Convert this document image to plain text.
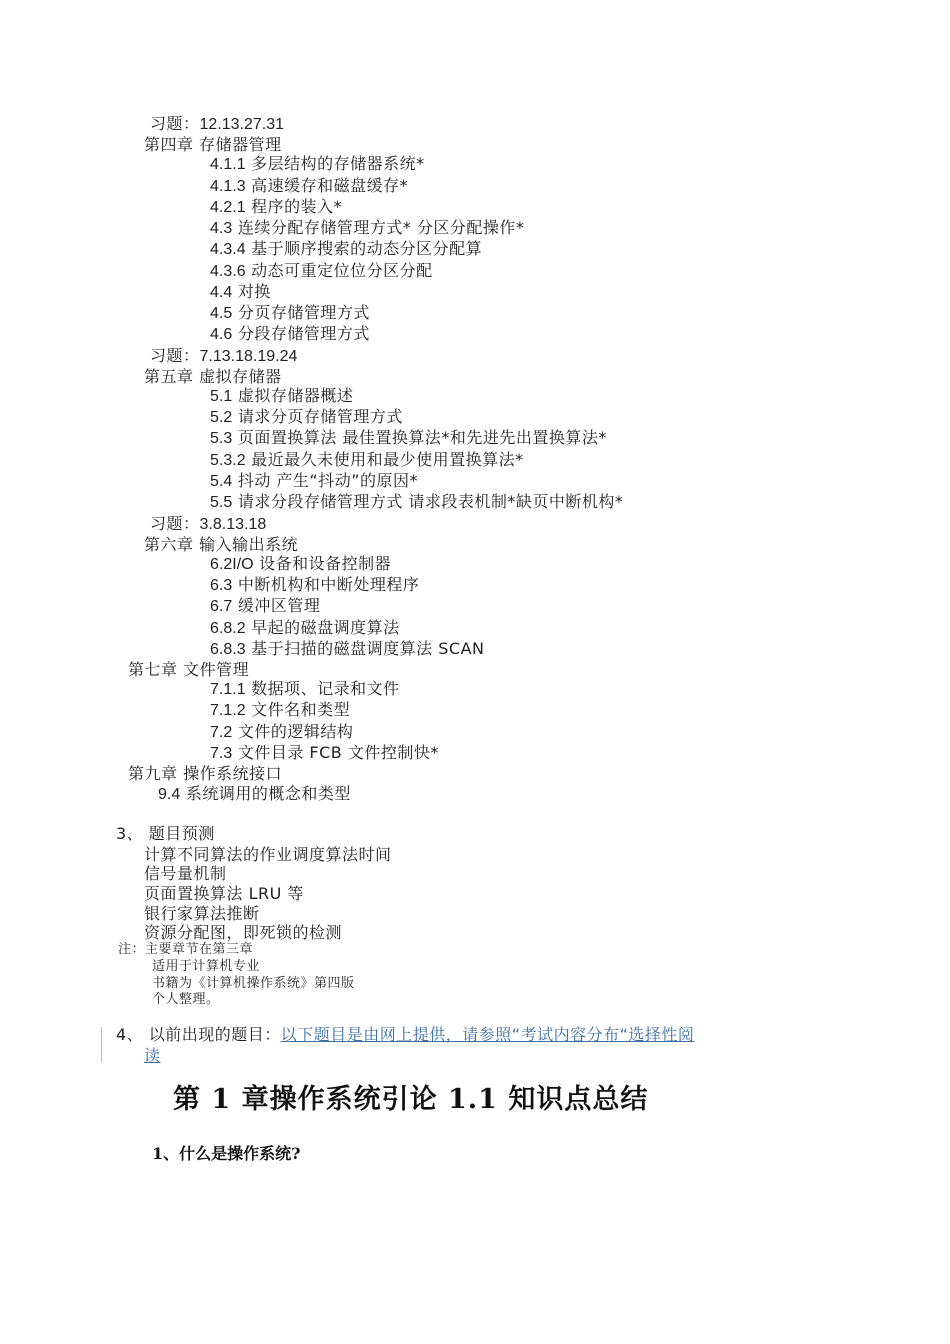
习题：12.13.27.31
第四章 存储器管理
4.1.1 多层结构的存储器系统*
4.1.3 高速缓存和磁盘缓存*
4.2.1 程序的装入*
4.3 连续分配存储管理方式* 分区分配操作*
4.3.4 基于顺序搜索的动态分区分配算
4.3.6 动态可重定位位分区分配
4.4 对换
4.5 分页存储管理方式
4.6 分段存储管理方式
习题：7.13.18.19.24
第五章 虚拟存储器
5.1 虚拟存储器概述
5.2 请求分页存储管理方式
5.3 页面置换算法 最佳置换算法*和先进先出置换算法*
5.3.2 最近最久未使用和最少使用置换算法*
5.4 抖动 产生“抖动”的原因*
5.5 请求分段存储管理方式 请求段表机制*缺页中断机构*
习题：3.8.13.18
第六章 输入输出系统
6.2I/O 设备和设备控制器
6.3 中断机构和中断处理程序
6.7 缓冲区管理
6.8.2 早起的磁盘调度算法
6.8.3 基于扫描的磁盘调度算法 SCAN
第七章 文件管理
7.1.1 数据项、记录和文件
7.1.2 文件名和类型
7.2 文件的逻辑结构
7.3 文件目录 FCB 文件控制快*
第九章 操作系统接口
9.4 系统调用的概念和类型
3、 题目预测
计算不同算法的作业调度算法时间
信号量机制
页面置换算法 LRU 等
银行家算法推断
资源分配图，即死锁的检测
注：主要章节在第三章
适用于计算机专业
书籍为《计算机操作系统》第四版
个人整理。
4、 以前出现的题目：以下题目是由网上提供，请参照“考试内容分布“选择性阅
读
第 1 章操作系统引论 1.1 知识点总结
1、什么是操作系统?
